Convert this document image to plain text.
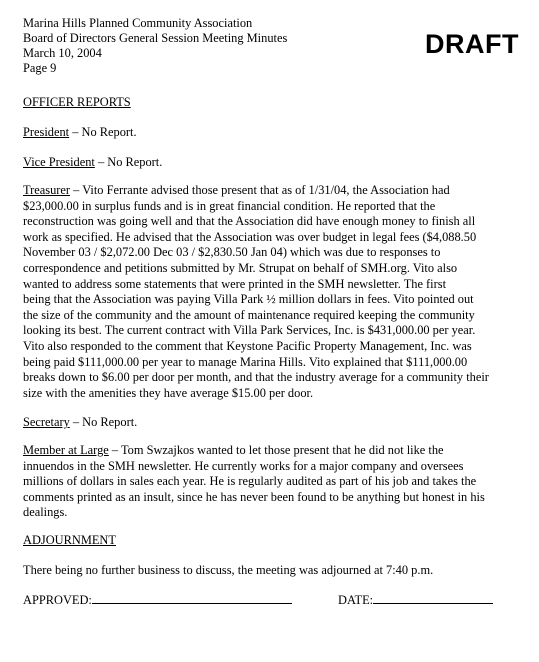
Marina Hills Planned Community Association
Board of Directors General Session Meeting Minutes
March 10, 2004
Page 9
DRAFT
OFFICER REPORTS
President – No Report.
Vice President – No Report.
Treasurer – Vito Ferrante advised those present that as of 1/31/04, the Association had
$23,000.00 in surplus funds and is in great financial condition. He reported that the
reconstruction was going well and that the Association did have enough money to finish all
work as specified. He advised that the Association was over budget in legal fees ($4,088.50
November 03 / $2,072.00 Dec 03 / $2,830.50 Jan 04) which was due to responses to
correspondence and petitions submitted by Mr. Strupat on behalf of SMH.org. Vito also
wanted to address some statements that were printed in the SMH newsletter. The first
being that the Association was paying Villa Park ½ million dollars in fees. Vito pointed out
the size of the community and the amount of maintenance required keeping the community
looking its best. The current contract with Villa Park Services, Inc. is $431,000.00 per year.
Vito also responded to the comment that Keystone Pacific Property Management, Inc. was
being paid $111,000.00 per year to manage Marina Hills. Vito explained that $111,000.00
breaks down to $6.00 per door per month, and that the industry average for a community their
size with the amenities they have average $15.00 per door.
Secretary – No Report.
Member at Large – Tom Swzajkos wanted to let those present that he did not like the
innuendos in the SMH newsletter. He currently works for a major company and oversees
millions of dollars in sales each year. He is regularly audited as part of his job and takes the
comments printed as an insult, since he has never been found to be anything but honest in his
dealings.
ADJOURNMENT
There being no further business to discuss, the meeting was adjourned at 7:40 p.m.
APPROVED:	DATE:
